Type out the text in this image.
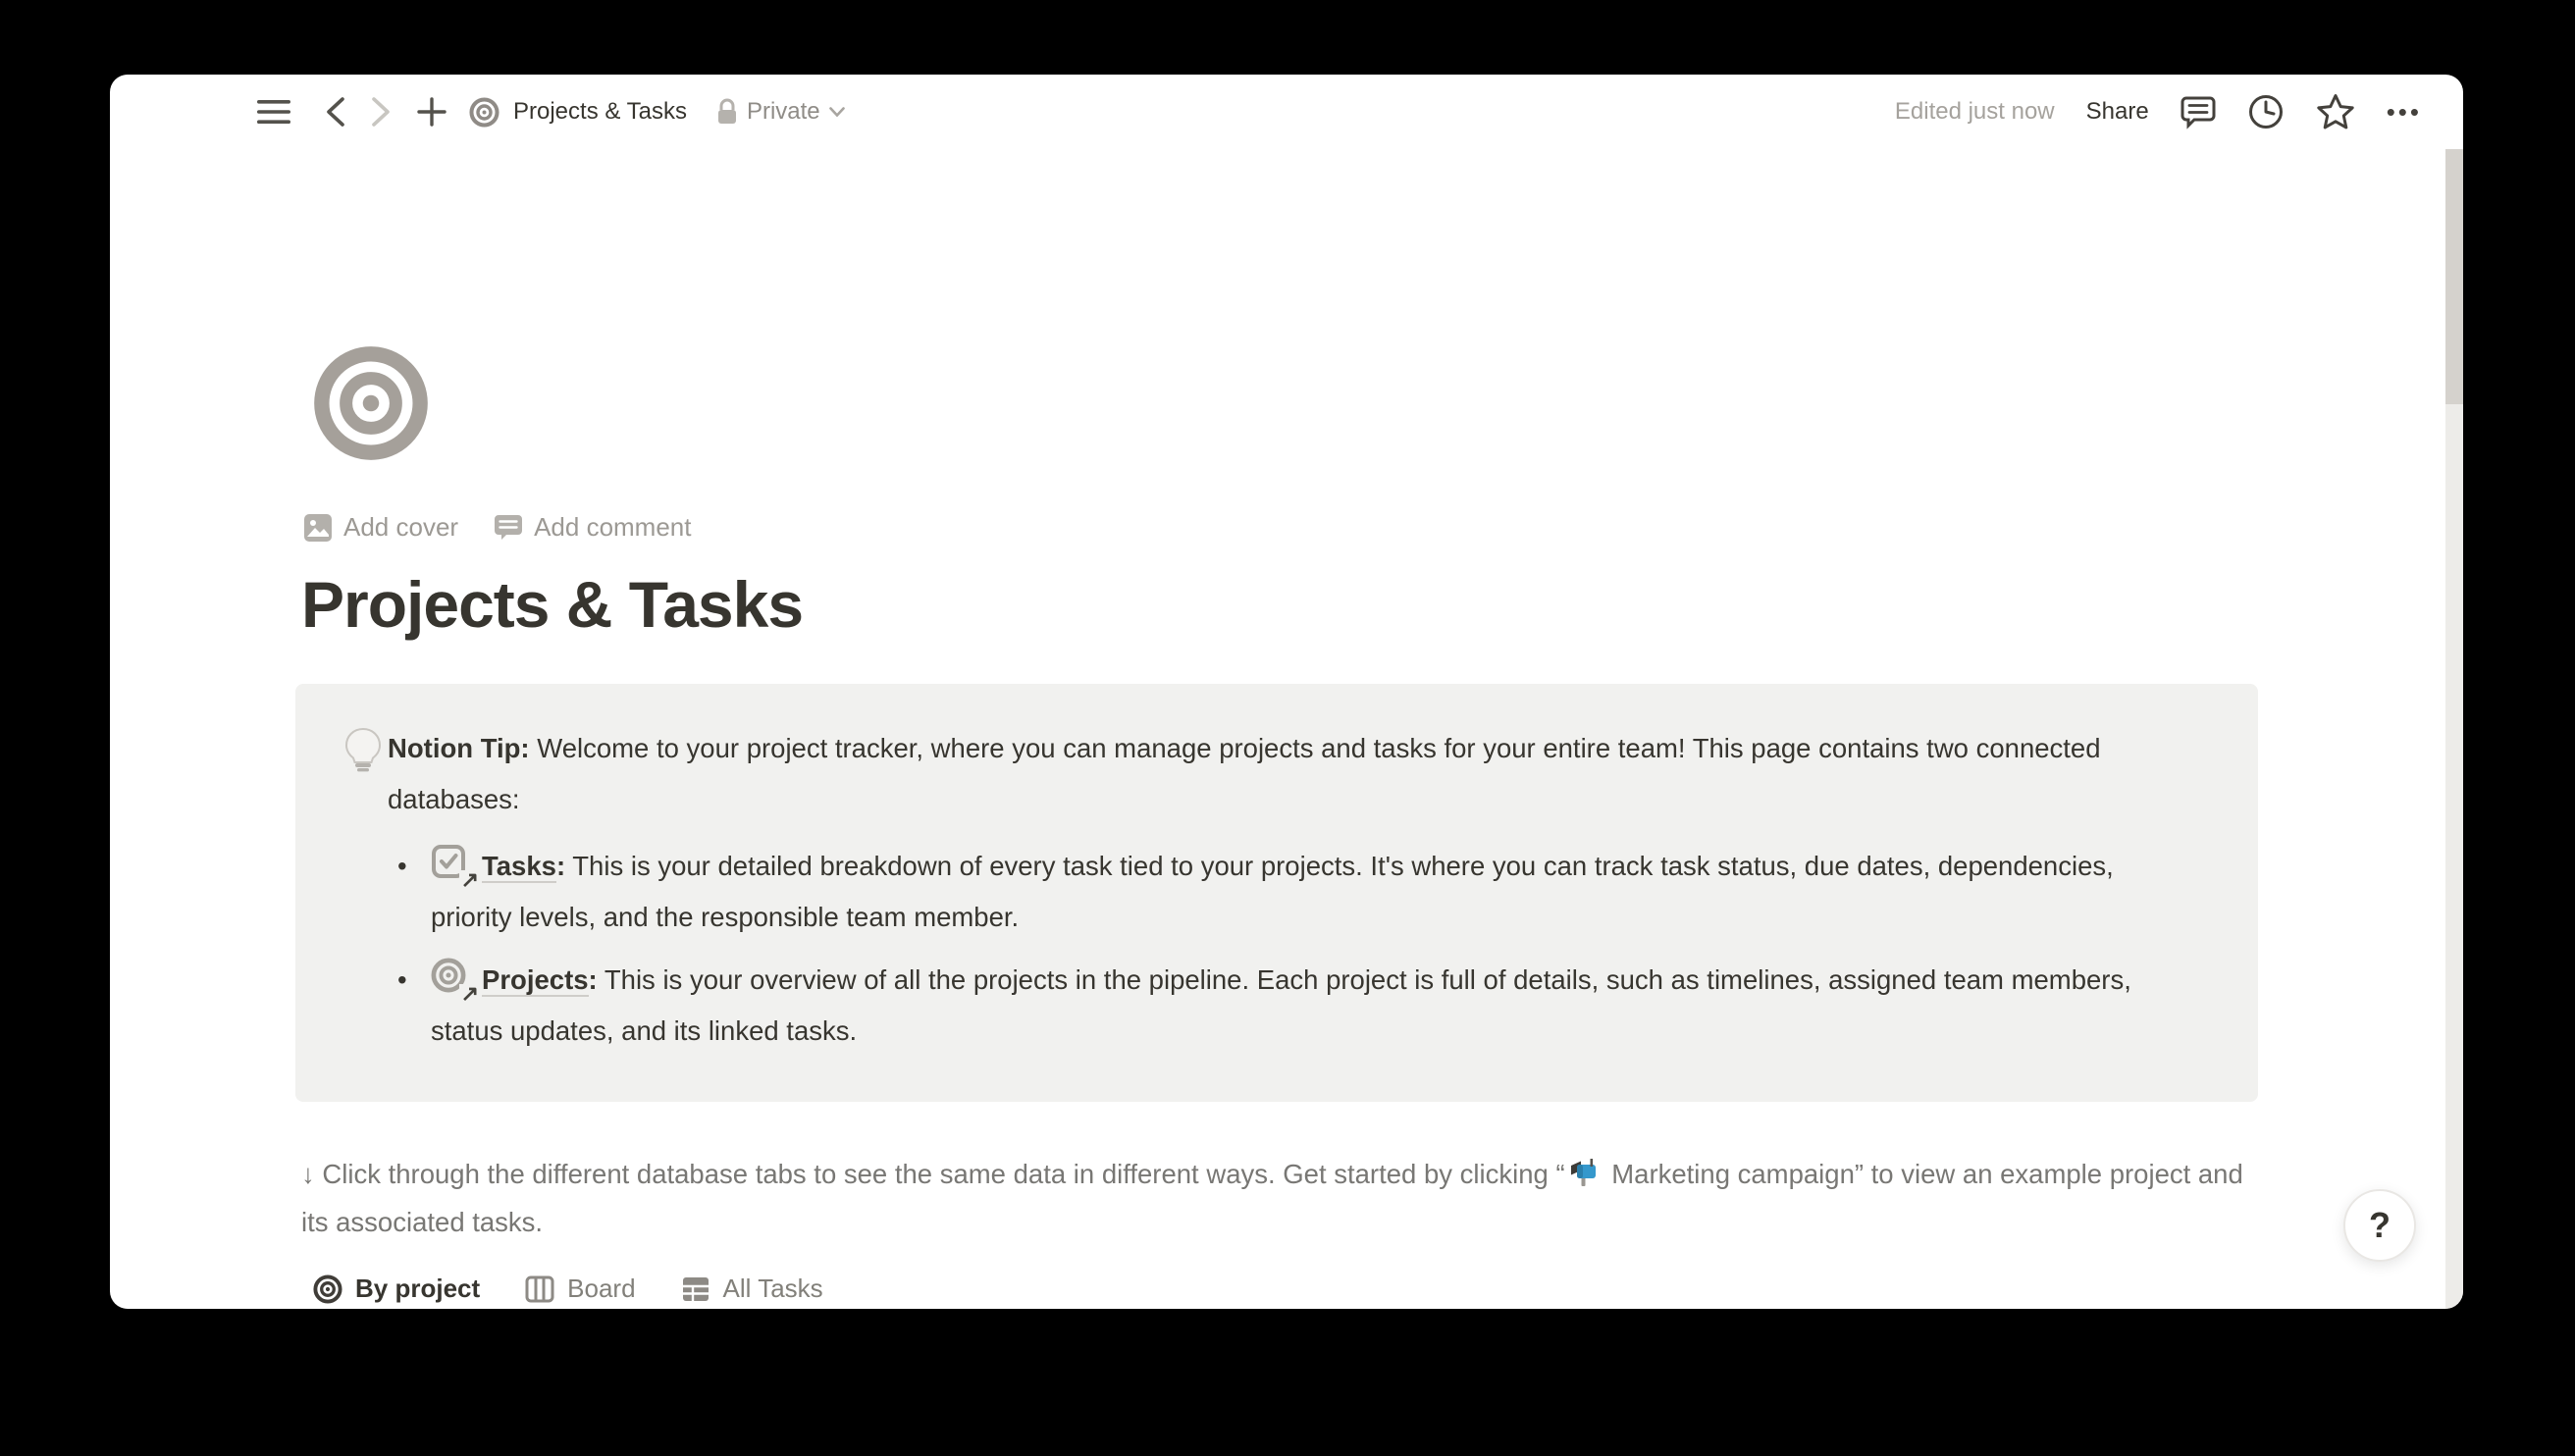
Projects & Tasks	Private	Edited just now Share	•••
Add cover	Add comment
Projects & Tasks

Notion Tip: Welcome to your project tracker, where you can manage projects and tasks for your entire team! This page contains two connected databases:

• ↗ Tasks: This is your detailed breakdown of every task tied to your projects. It's where you can track task status, due dates, dependencies, priority levels, and the responsible team member.
• ↗ Projects: This is your overview of all the projects in the pipeline. Each project is full of details, such as timelines, assigned team members, status updates, and its linked tasks.

↓ Click through the different database tabs to see the same data in different ways. Get started by clicking “
Marketing campaign” to view an example project and its associated tasks.

By project	Board	All Tasks
?
